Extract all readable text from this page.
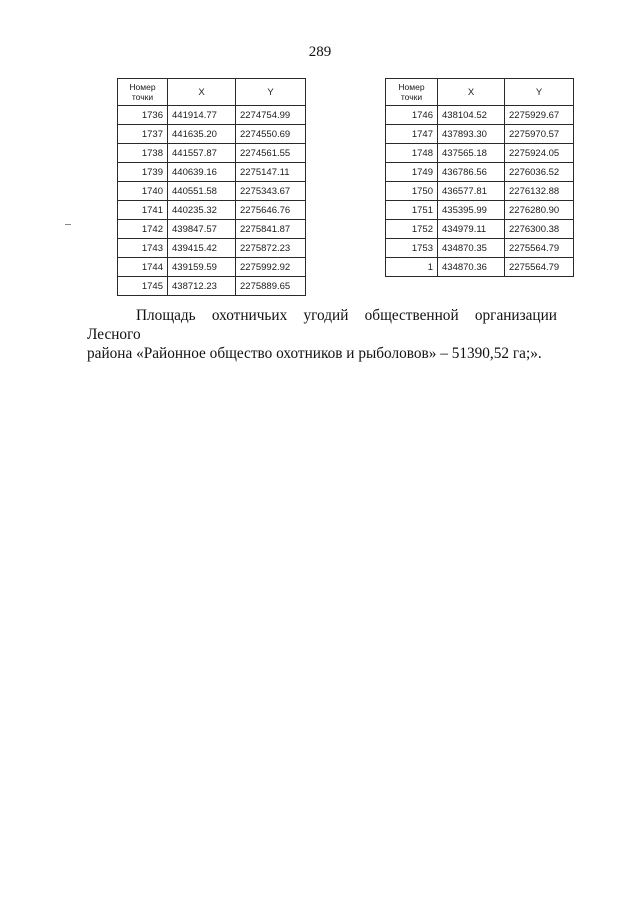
289
Номер
точки	X	Y
1736	441914.77	2274754.99
1737	441635.20	2274550.69
1738	441557.87	2274561.55
1739	440639.16	2275147.11
1740	440551.58	2275343.67
1741	440235.32	2275646.76
1742	439847.57	2275841.87
1743	439415.42	2275872.23
1744	439159.59	2275992.92
1745	438712.23	2275889.65
Номер
точки	X	Y
1746	438104.52	2275929.67
1747	437893.30	2275970.57
1748	437565.18	2275924.05
1749	436786.56	2276036.52
1750	436577.81	2276132.88
1751	435395.99	2276280.90
1752	434979.11	2276300.38
1753	434870.35	2275564.79
1	434870.36	2275564.79

Площадь охотничьих угодий общественной организации Лесного

района «Районное общество охотников и рыболовов» – 51390,52 га;».
